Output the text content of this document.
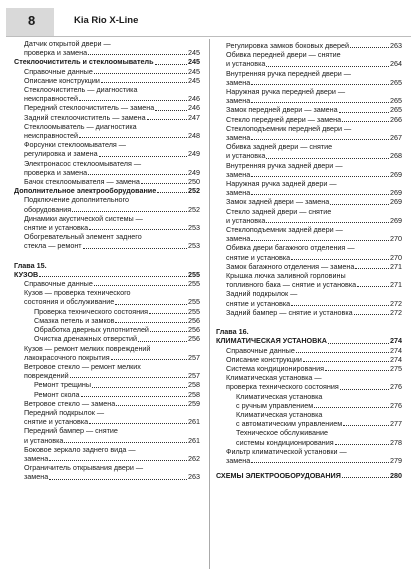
8	Kia Rio X-Line
Датчик открытой двери —
проверка и замена	245
Стеклоочиститель и стеклоомыватель	245
Справочные данные	245
Описание конструкции	245
Стеклоочиститель — диагностика
неисправностей	246
Передний стеклоочиститель — замена	246
Задний стеклоочиститель — замена	247
Стеклоомыватель — диагностика
неисправностей	248
Форсунки стеклоомывателя —
регулировка и замена	249
Электронасос стеклоомывателя —
проверка и замена	249
Бачок стеклоомывателя — замена	250
Дополнительное электрооборудование	252
Подключение дополнительного
оборудования	252
Динамики акустической системы —
снятие и установка	253
Обогревательный элемент заднего
стекла — ремонт	253
Глава 15.
КУЗОВ	255
Справочные данные	255
Кузов — проверка технического
состояния и обслуживание	255
Проверка технического состояния	255
Смазка петель и замков	256
Обработка дверных уплотнителей	256
Очистка дренажных отверстий	256
Кузов — ремонт мелких повреждений
лакокрасочного покрытия	257
Ветровое стекло — ремонт мелких
повреждений	257
Ремонт трещины	258
Ремонт скола	258
Ветровое стекло — замена	259
Передний подкрылок —
снятие и установка	261
Передний бампер — снятие
и установка	261
Боковое зеркало заднего вида —
замена	262
Ограничитель открывания двери —
замена	263
Регулировка замков боковых дверей	263
Обивка передней двери — снятие
и установка	264
Внутренняя ручка передней двери —
замена	265
Наружная ручка передней двери —
замена	265
Замок передней двери — замена	265
Стекло передней двери — замена	266
Стеклоподъемник передней двери —
замена	267
Обивка задней двери — снятие
и установка	268
Внутренняя ручка задней двери —
замена	269
Наружная ручка задней двери —
замена	269
Замок задней двери — замена	269
Стекло задней двери — снятие
и установка	269
Стеклоподъемник задней двери —
замена	270
Обивка двери багажного отделения —
снятие и установка	270
Замок багажного отделения — замена	271
Крышка лючка заливной горловины
топливного бака — снятие и установка	271
Задний подкрылок —
снятие и установка	272
Задний бампер — снятие и установка	272
Глава 16.
КЛИМАТИЧЕСКАЯ УСТАНОВКА	274
Справочные данные	274
Описание конструкции	274
Система кондиционирования	275
Климатическая установка —
проверка технического состояния	276
Климатическая установка
с ручным управлением	276
Климатическая установка
с автоматическим управлением	277
Техническое обслуживание
системы кондиционирования	278
Фильтр климатической установки —
замена	279
СХЕМЫ ЭЛЕКТРООБОРУДОВАНИЯ	280
